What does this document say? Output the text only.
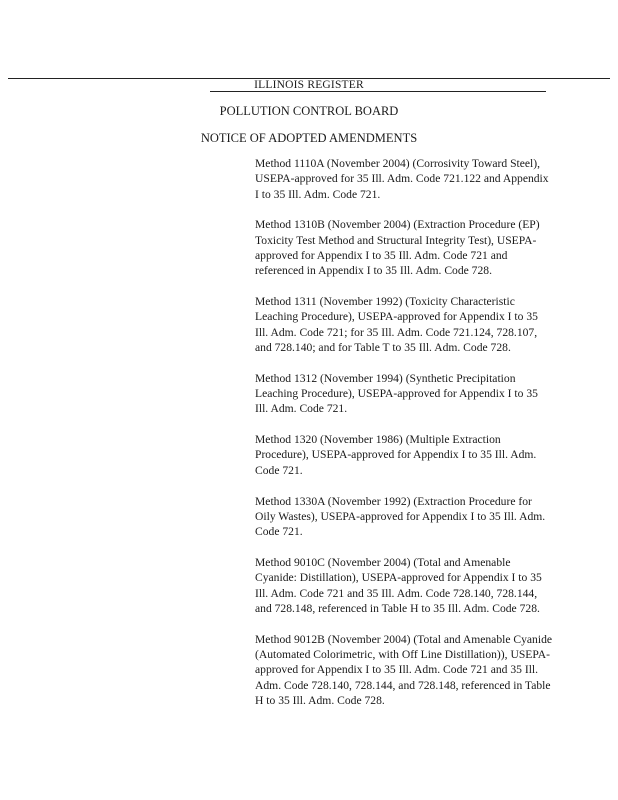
ILLINOIS REGISTER
POLLUTION CONTROL BOARD
NOTICE OF ADOPTED AMENDMENTS

Method 1110A (November 2004) (Corrosivity Toward Steel), USEPA-approved for 35 Ill. Adm. Code 721.122 and Appendix I to 35 Ill. Adm. Code 721.

Method 1310B (November 2004) (Extraction Procedure (EP) Toxicity Test Method and Structural Integrity Test), USEPA-approved for Appendix I to 35 Ill. Adm. Code 721 and referenced in Appendix I to 35 Ill. Adm. Code 728.

Method 1311 (November 1992) (Toxicity Characteristic Leaching Procedure), USEPA-approved for Appendix I to 35 Ill. Adm. Code 721; for 35 Ill. Adm. Code 721.124, 728.107, and 728.140; and for Table T to 35 Ill. Adm. Code 728.

Method 1312 (November 1994) (Synthetic Precipitation Leaching Procedure), USEPA-approved for Appendix I to 35 Ill. Adm. Code 721.

Method 1320 (November 1986) (Multiple Extraction Procedure), USEPA-approved for Appendix I to 35 Ill. Adm. Code 721.

Method 1330A (November 1992) (Extraction Procedure for Oily Wastes), USEPA-approved for Appendix I to 35 Ill. Adm. Code 721.

Method 9010C (November 2004) (Total and Amenable Cyanide: Distillation), USEPA-approved for Appendix I to 35 Ill. Adm. Code 721 and 35 Ill. Adm. Code 728.140, 728.144, and 728.148, referenced in Table H to 35 Ill. Adm. Code 728.

Method 9012B (November 2004) (Total and Amenable Cyanide (Automated Colorimetric, with Off Line Distillation)), USEPA-approved for Appendix I to 35 Ill. Adm. Code 721 and 35 Ill. Adm. Code 728.140, 728.144, and 728.148, referenced in Table H to 35 Ill. Adm. Code 728.
